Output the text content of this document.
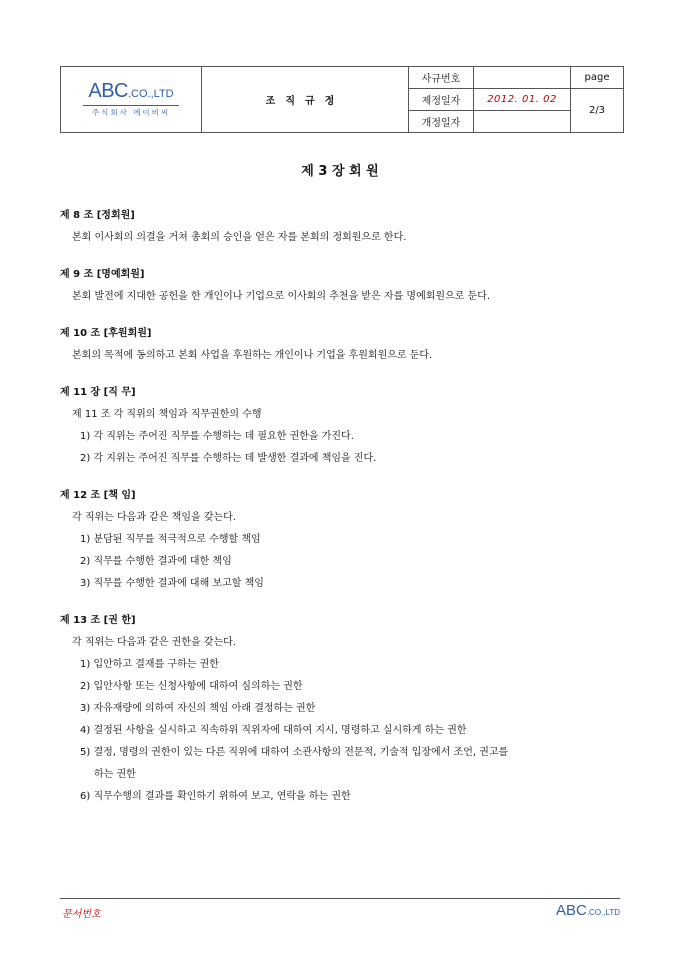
ABC.CO.,LTD
주식회사 에이비씨	조직규정	사규번호		page
		제정일자	2012. 01. 02	2/3
		개정일자		
제 3 장 회 원
제 8 조 [정회원]
본회 이사회의 의결을 거쳐 총회의 승인을 얻은 자를 본회의 정회원으로 한다.
제 9 조 [명예회원]
본회 발전에 지대한 공헌을 한 개인이나 기업으로 이사회의 추천을 받은 자를 명예회원으로 둔다.
제 10 조 [후원회원]
본회의 목적에 동의하고 본회 사업을 후원하는 개인이나 기업을 후원회원으로 둔다.
제 11 장 [직 무]
제 11 조 각 직위의 책임과 직무권한의 수행
1) 각 직위는 주어진 직무를 수행하는 데 필요한 권한을 가진다.
2) 각 지위는 주어진 직무를 수행하는 데 발생한 결과에 책임을 진다.
제 12 조 [책 임]
각 직위는 다음과 같은 책임을 갖는다.
1) 분담된 직무를 적극적으로 수행할 책임
2) 직무를 수행한 결과에 대한 책임
3) 직무를 수행한 결과에 대해 보고할 책임
제 13 조 [권 한]
각 직위는 다음과 같은 권한을 갖는다.
1) 입안하고 결재를 구하는 권한
2) 입안사항 또는 신청사항에 대하여 심의하는 권한
3) 자유재량에 의하여 자신의 책임 아래 결정하는 권한
4) 결정된 사항을 실시하고 직속하위 직위자에 대하여 지시, 명령하고 실시하게 하는 권한
5) 결정, 명령의 권한이 있는 다른 직위에 대하여 소관사항의 전문적, 기술적 입장에서 조언, 권고를
하는 권한
6) 직무수행의 결과를 확인하기 위하여 보고, 연락을 하는 권한
문서번호	ABC.CO.,LTD
